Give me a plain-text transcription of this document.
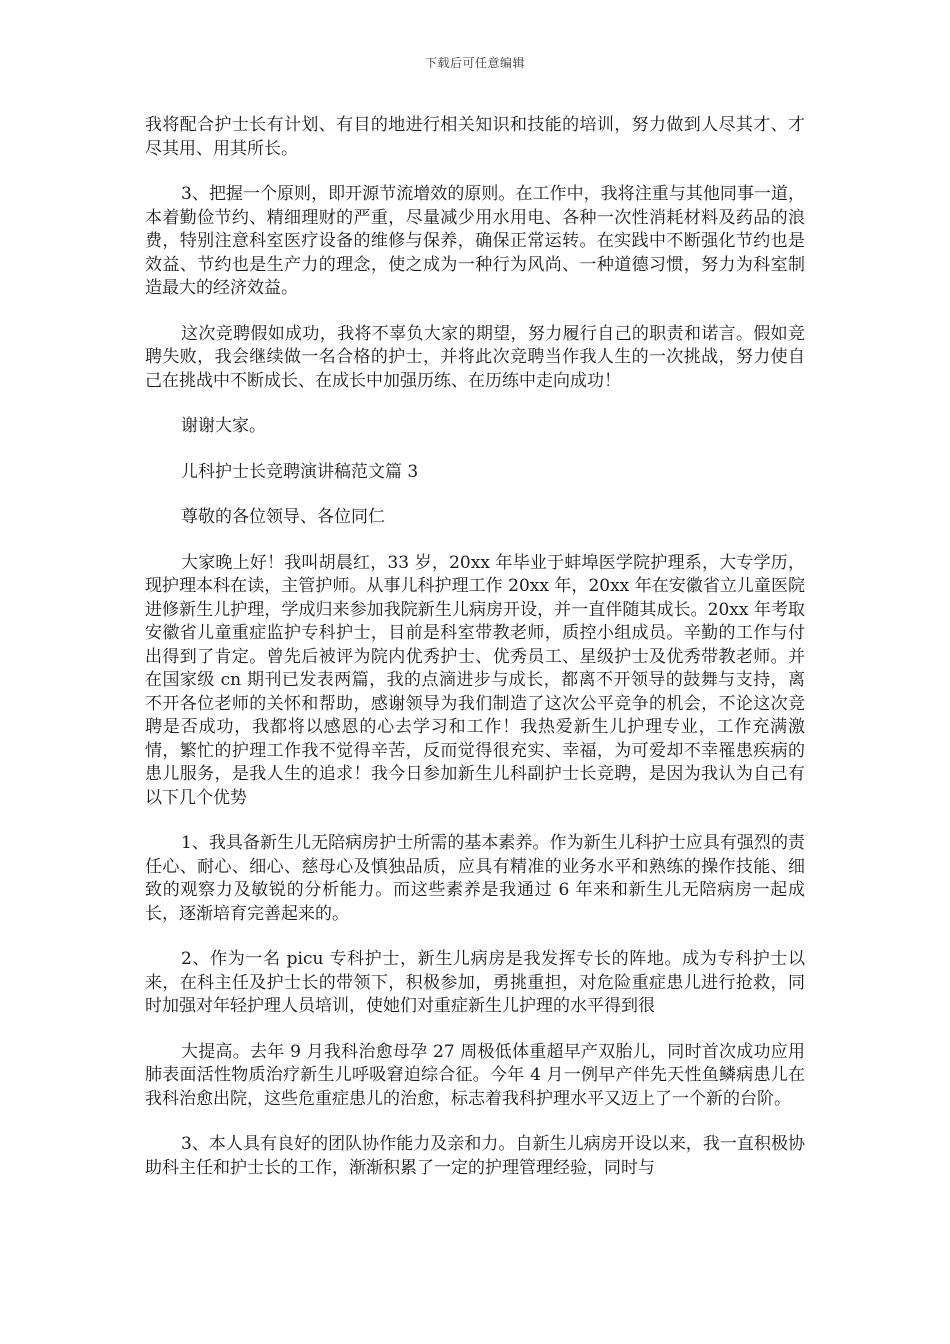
下载后可任意编辑

我将配合护士长有计划、有目的地进行相关知识和技能的培训，努力做到人尽其才、才尽其用、用其所长。

3、把握一个原则，即开源节流增效的原则。在工作中，我将注重与其他同事一道，本着勤俭节约、精细理财的严重，尽量减少用水用电、各种一次性消耗材料及药品的浪费，特别注意科室医疗设备的维修与保养，确保正常运转。在实践中不断强化节约也是效益、节约也是生产力的理念，使之成为一种行为风尚、一种道德习惯，努力为科室制造最大的经济效益。

这次竞聘假如成功，我将不辜负大家的期望，努力履行自己的职责和诺言。假如竞聘失败，我会继续做一名合格的护士，并将此次竞聘当作我人生的一次挑战，努力使自己在挑战中不断成长、在成长中加强历练、在历练中走向成功！

谢谢大家。

儿科护士长竞聘演讲稿范文篇 3

尊敬的各位领导、各位同仁

大家晚上好！我叫胡晨红，33 岁，20xx 年毕业于蚌埠医学院护理系，大专学历，现护理本科在读，主管护师。从事儿科护理工作 20xx 年，20xx 年在安徽省立儿童医院进修新生儿护理，学成归来参加我院新生儿病房开设，并一直伴随其成长。20xx 年考取安徽省儿童重症监护专科护士，目前是科室带教老师，质控小组成员。辛勤的工作与付出得到了肯定。曾先后被评为院内优秀护士、优秀员工、星级护士及优秀带教老师。并在国家级 cn 期刊已发表两篇，我的点滴进步与成长，都离不开领导的鼓舞与支持，离不开各位老师的关怀和帮助，感谢领导为我们制造了这次公平竞争的机会，不论这次竞聘是否成功，我都将以感恩的心去学习和工作！我热爱新生儿护理专业，工作充满激情，繁忙的护理工作我不觉得辛苦，反而觉得很充实、幸福，为可爱却不幸罹患疾病的患儿服务，是我人生的追求！我今日参加新生儿科副护士长竞聘，是因为我认为自己有以下几个优势

1、我具备新生儿无陪病房护士所需的基本素养。作为新生儿科护士应具有强烈的责任心、耐心、细心、慈母心及慎独品质，应具有精准的业务水平和熟练的操作技能、细致的观察力及敏锐的分析能力。而这些素养是我通过 6 年来和新生儿无陪病房一起成长，逐渐培育完善起来的。

2、作为一名 picu 专科护士，新生儿病房是我发挥专长的阵地。成为专科护士以来，在科主任及护士长的带领下，积极参加，勇挑重担，对危险重症患儿进行抢救，同时加强对年轻护理人员培训，使她们对重症新生儿护理的水平得到很

大提高。去年 9 月我科治愈母孕 27 周极低体重超早产双胎儿，同时首次成功应用肺表面活性物质治疗新生儿呼吸窘迫综合征。今年 4 月一例早产伴先天性鱼鳞病患儿在我科治愈出院，这些危重症患儿的治愈，标志着我科护理水平又迈上了一个新的台阶。

3、本人具有良好的团队协作能力及亲和力。自新生儿病房开设以来，我一直积极协助科主任和护士长的工作，渐渐积累了一定的护理管理经验，同时与
